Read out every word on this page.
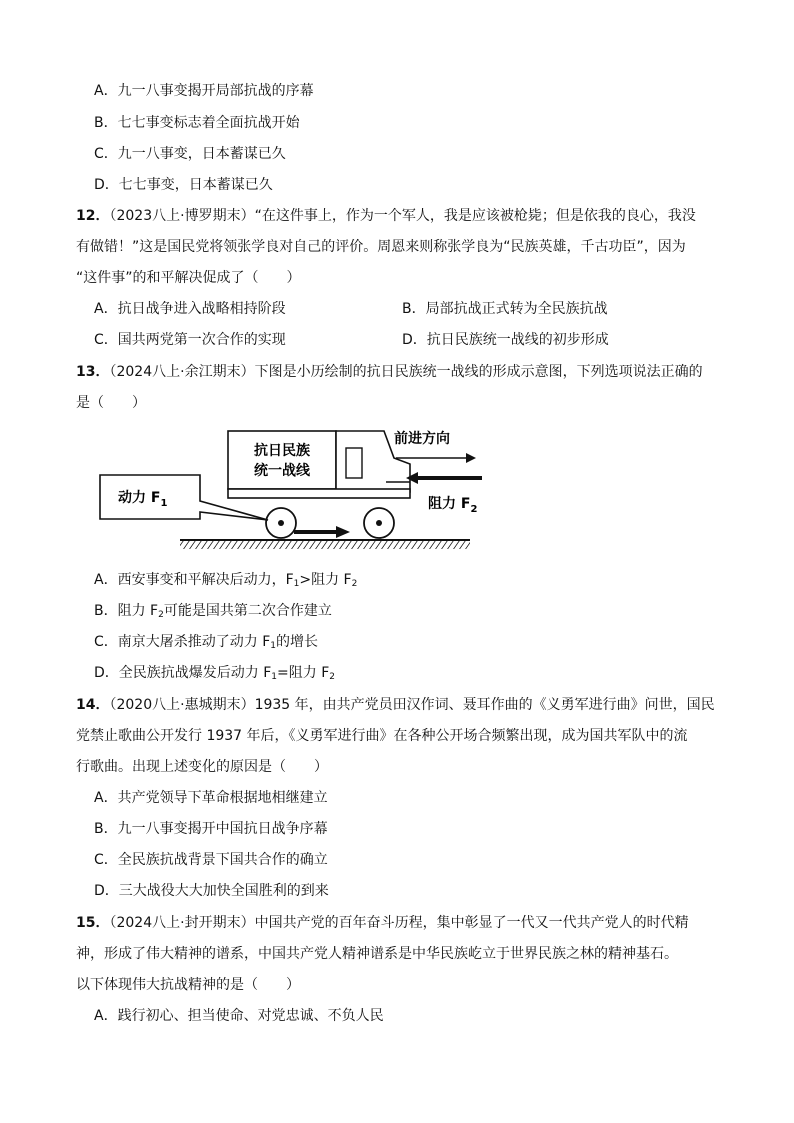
A．九一八事变揭开局部抗战的序幕
B．七七事变标志着全面抗战开始
C．九一八事变，日本蓄谋已久
D．七七事变，日本蓄谋已久
12．（2023八上·博罗期末）“在这件事上，作为一个军人，我是应该被枪毙；但是依我的良心，我没
有做错！”这是国民党将领张学良对自己的评价。周恩来则称张学良为“民族英雄，千古功臣”，因为
“这件事”的和平解决促成了（　　）
A．抗日战争进入战略相持阶段	B．局部抗战正式转为全民族抗战
C．国共两党第一次合作的实现	D．抗日民族统一战线的初步形成
13．（2024八上·余江期末）下图是小历绘制的抗日民族统一战线的形成示意图，下列选项说法正确的
是（　　）
抗日民族
统一战线
前进方向
阻力 $F_2$
动力 $F_1$
A．西安事变和平解决后动力，$F_1>$阻力 $F_2$
B．阻力 $F_2$可能是国共第二次合作建立
C．南京大屠杀推动了动力 $F_1$的增长
D．全民族抗战爆发后动力 $F_1=$阻力 $F_2$
14．（2020八上·惠城期末）1935 年，由共产党员田汉作词、聂耳作曲的《义勇军进行曲》问世，国民
党禁止歌曲公开发行 1937 年后，《义勇军进行曲》在各种公开场合频繁出现，成为国共军队中的流
行歌曲。出现上述变化的原因是（　　）
A．共产党领导下革命根据地相继建立
B．九一八事变揭开中国抗日战争序幕
C．全民族抗战背景下国共合作的确立
D．三大战役大大加快全国胜利的到来
15．（2024八上·封开期末）中国共产党的百年奋斗历程，集中彰显了一代又一代共产党人的时代精
神，形成了伟大精神的谱系，中国共产党人精神谱系是中华民族屹立于世界民族之林的精神基石。
以下体现伟大抗战精神的是（　　）
A．践行初心、担当使命、对党忠诚、不负人民
